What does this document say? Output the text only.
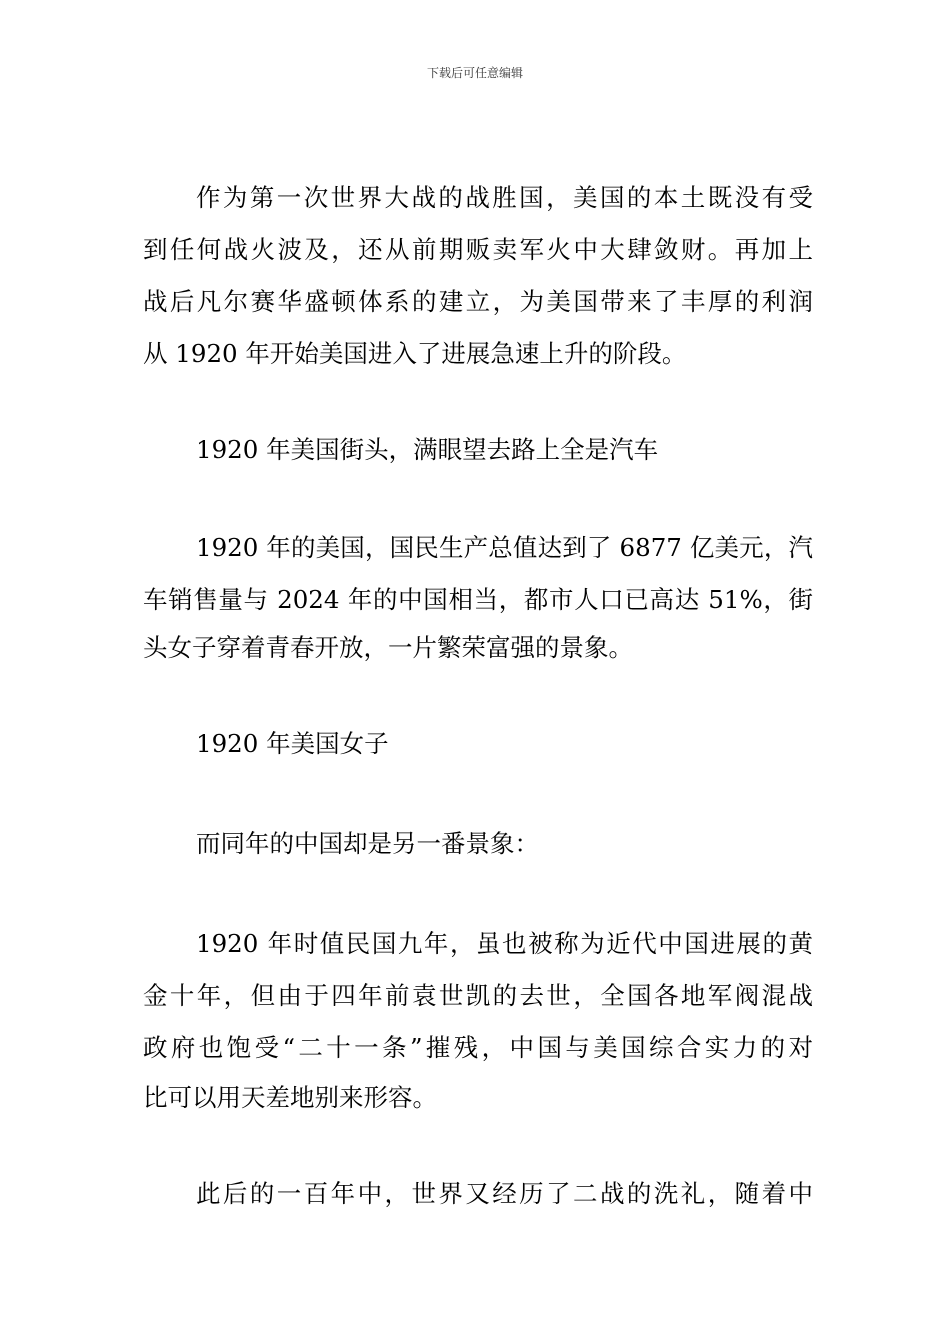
下载后可任意编辑
作为第一次世界大战的战胜国，美国的本土既没有受
到任何战火波及，还从前期贩卖军火中大肆敛财。再加上
战后凡尔赛华盛顿体系的建立，为美国带来了丰厚的利润
从 1920 年开始美国进入了进展急速上升的阶段。
1920 年美国街头，满眼望去路上全是汽车
1920 年的美国，国民生产总值达到了 6877 亿美元，汽
车销售量与 2024 年的中国相当，都市人口已高达 51%，街
头女子穿着青春开放，一片繁荣富强的景象。
1920 年美国女子
而同年的中国却是另一番景象：
1920 年时值民国九年，虽也被称为近代中国进展的黄
金十年，但由于四年前袁世凯的去世，全国各地军阀混战
政府也饱受“二十一条”摧残，中国与美国综合实力的对
比可以用天差地别来形容。
此后的一百年中，世界又经历了二战的洗礼，随着中
